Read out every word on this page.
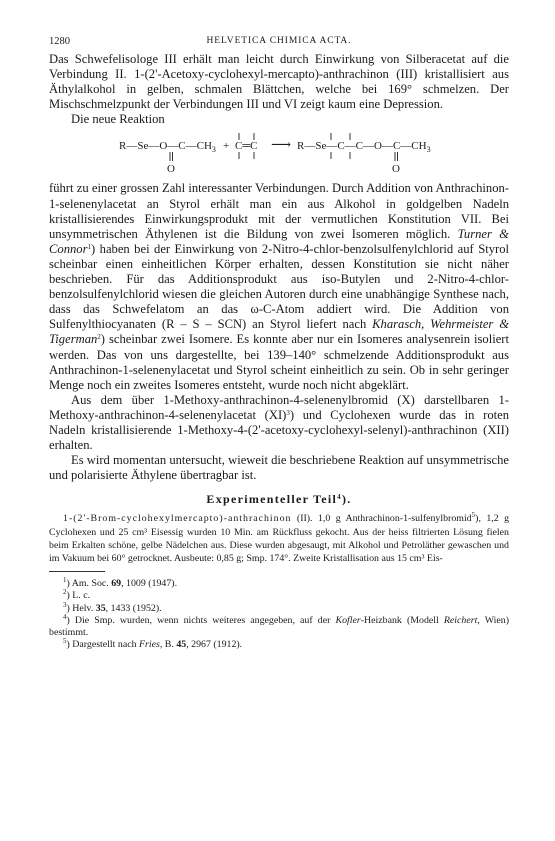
1280	HELVETICA CHIMICA ACTA.

Das Schwefelisologe III erhält man leicht durch Einwirkung von Silberacetat auf die Verbindung II. 1-(2'-Acetoxy-cyclohexyl-mercapto)-anthrachinon (III) kristallisiert aus Äthylalkohol in gelben, schmalen Blättchen, welche bei 169° schmelzen. Der Mischschmelzpunkt der Verbindungen III und VI zeigt kaum eine Depression.

Die neue Reaktion

$R—Se—O—C—CH_3$
O
+ C═C ⟶ $R—Se—C—C—O—C—CH_3$
O

führt zu einer grossen Zahl interessanter Verbindungen. Durch Addition von Anthrachinon-1-selenenylacetat an Styrol erhält man ein aus Alkohol in goldgelben Nadeln kristallisierendes Einwirkungsprodukt mit der vermutlichen Konstitution VII. Bei unsymmetrischen Äthylenen ist die Bildung von zwei Isomeren möglich. Turner & Connor$^1$) haben bei der Einwirkung von 2-Nitro-4-chlor-benzolsulfenylchlorid auf Styrol scheinbar einen einheitlichen Körper erhalten, dessen Konstitution sie nicht näher beschrieben. Für das Additionsprodukt aus iso-Butylen und 2-Nitro-4-chlor-benzolsulfenylchlorid wiesen die gleichen Autoren durch eine unabhängige Synthese nach, dass das Schwefelatom an das ω-C-Atom addiert wird. Die Addition von Sulfenylthiocyanaten (R – S – SCN) an Styrol liefert nach Kharasch, Wehrmeister & Tigerman$^2$) scheinbar zwei Isomere. Es konnte aber nur ein Isomeres analysenrein isoliert werden. Das von uns dargestellte, bei 139–140° schmelzende Additionsprodukt aus Anthrachinon-1-selenenylacetat und Styrol scheint einheitlich zu sein. Ob in sehr geringer Menge noch ein zweites Isomeres entsteht, wurde noch nicht abgeklärt.

Aus dem über 1-Methoxy-anthrachinon-4-selenenylbromid (X) darstellbaren 1-Methoxy-anthrachinon-4-selenenylacetat (XI)$^3$) und Cyclohexen wurde das in roten Nadeln kristallisierende 1-Methoxy-4-(2'-acetoxy-cyclohexyl-selenyl)-anthrachinon (XII) erhalten.

Es wird momentan untersucht, wieweit die beschriebene Reaktion auf unsymmetrische und polarisierte Äthylene übertragbar ist.

Experimenteller Teil$^4$).

1-(2'-Brom-cyclohexylmercapto)-anthrachinon (II). 1,0 g Anthrachinon-1-sulfenylbromid$^5$), 1,2 g Cyclohexen und 25 cm³ Eisessig wurden 10 Min. am Rückfluss gekocht. Aus der heiss filtrierten Lösung fielen beim Erkalten schöne, gelbe Nädelchen aus. Diese wurden abgesaugt, mit Alkohol und Petroläther gewaschen und im Vakuum bei 60° getrocknet. Ausbeute: 0,85 g; Smp. 174°. Zweite Kristallisation aus 15 cm³ Eis-

$^1$) Am. Soc. 69, 1009 (1947).
$^2$) L. c.
$^3$) Helv. 35, 1433 (1952).
$^4$) Die Smp. wurden, wenn nichts weiteres angegeben, auf der Kofler-Heizbank (Modell Reichert, Wien) bestimmt.
$^5$) Dargestellt nach Fries, B. 45, 2967 (1912).
